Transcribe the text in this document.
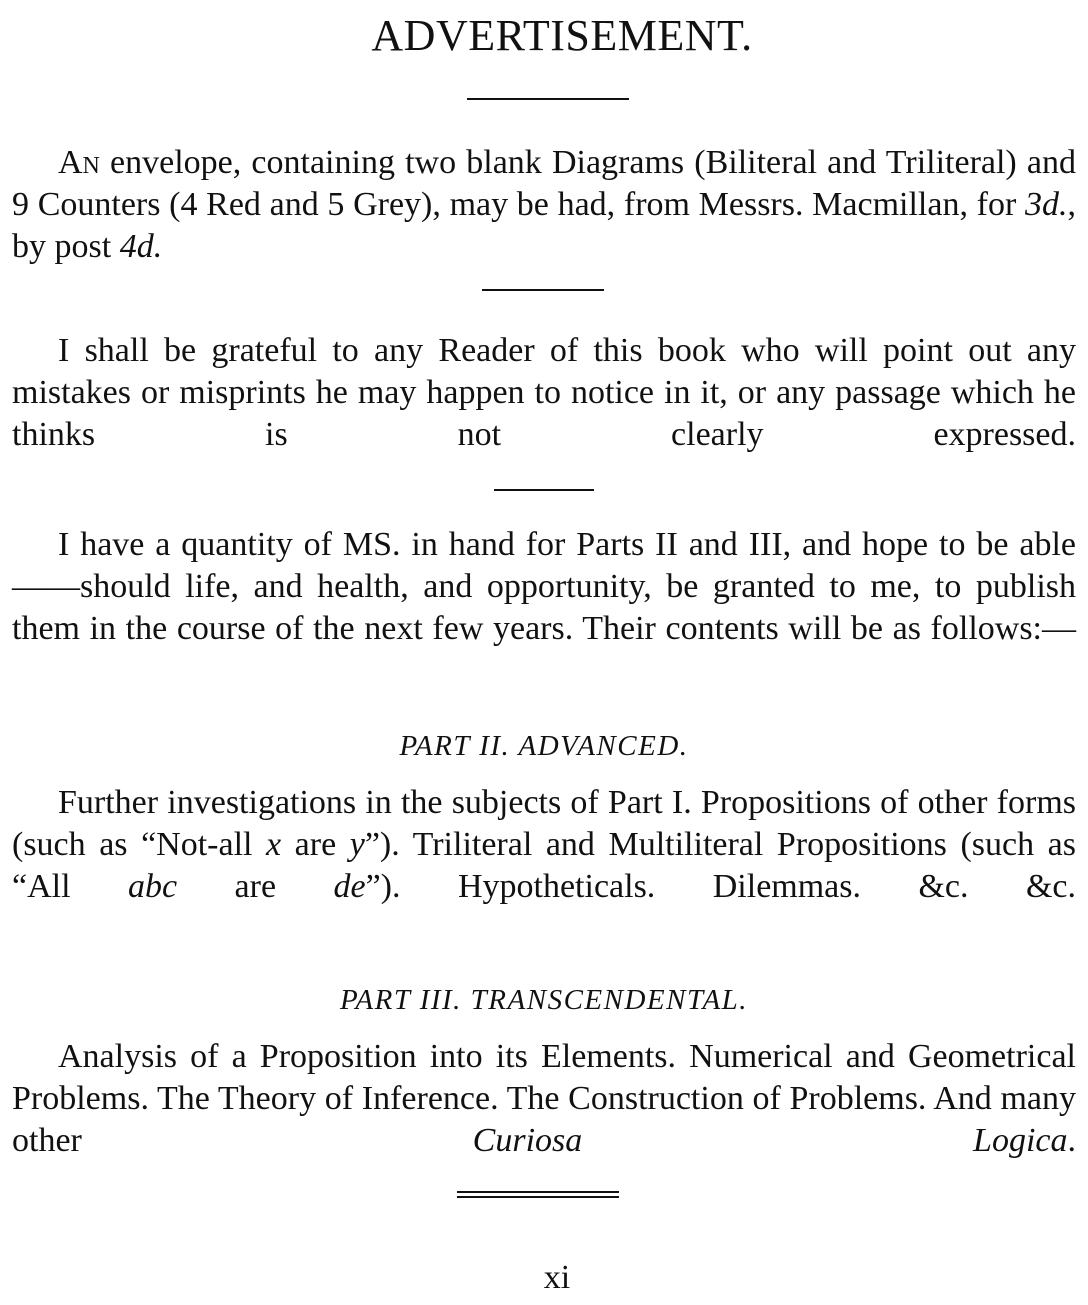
ADVERTISEMENT.

An envelope, containing two blank Diagrams (Biliteral and Triliteral) and 9 Counters (4 Red and 5 Grey), may be had, from Messrs. Macmillan, for 3d., by post 4d.

I shall be grateful to any Reader of this book who will point out any mistakes or misprints he may happen to notice in it, or any passage which he thinks is not clearly expressed.

I have a quantity of MS. in hand for Parts II and III, and hope to be able——should life, and health, and opportunity, be granted to me, to publish them in the course of the next few years. Their contents will be as follows:—

PART II. ADVANCED.

Further investigations in the subjects of Part I. Propositions of other forms (such as “Not-all x are y”). Triliteral and Multiliteral Propositions (such as “All abc are de”). Hypotheticals. Dilemmas. &c. &c.

PART III. TRANSCENDENTAL.

Analysis of a Proposition into its Elements. Numerical and Geometrical Problems. The Theory of Inference. The Construction of Problems. And many other Curiosa Logica.

xi
